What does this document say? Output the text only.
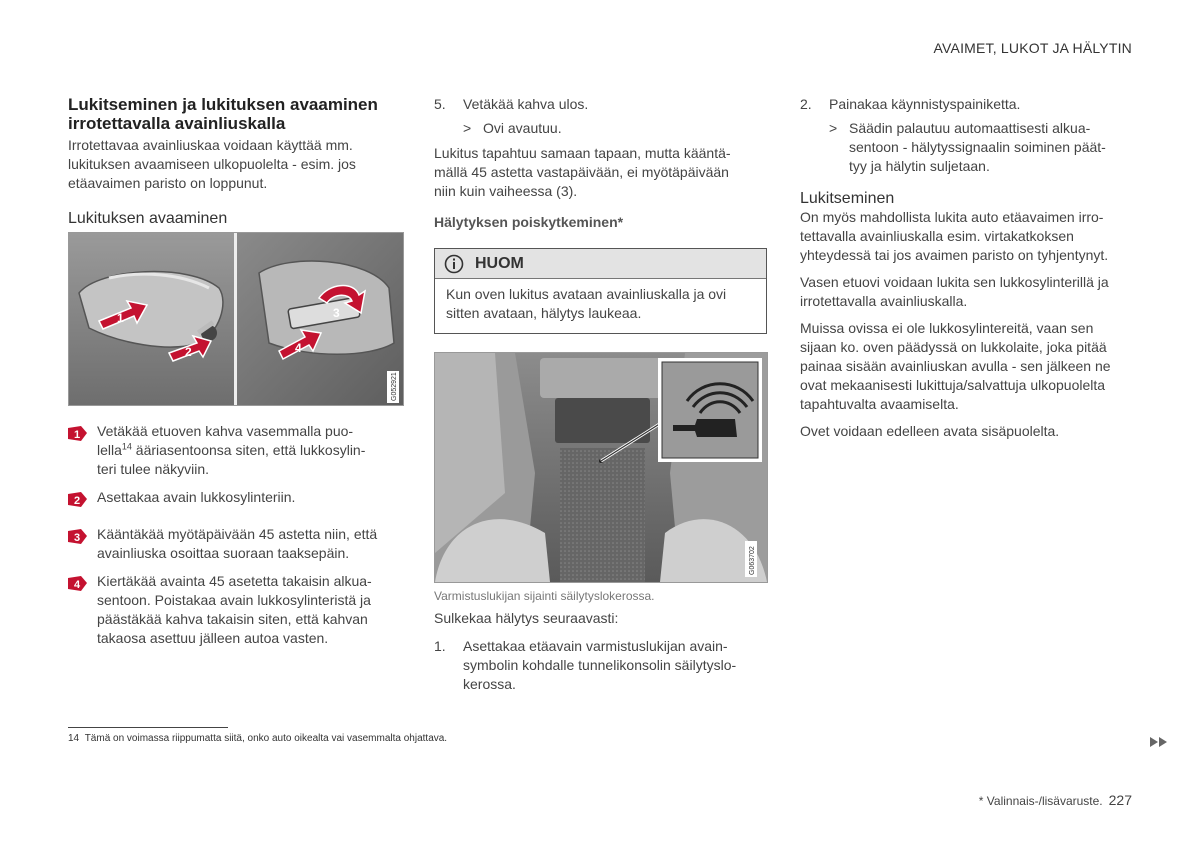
AVAIMET, LUKOT JA HÄLYTIN
Lukitseminen ja lukituksen avaaminen irrotettavalla avainliuskalla

Irrotettavaa avainliuskaa voidaan käyttää mm. lukituksen avaamiseen ulkopuolelta - esim. jos etäavaimen paristo on loppunut.

Lukituksen avaaminen
1
2
3
4
G052921
1 Vetäkää etuoven kahva vasemmalla puo-
lella$^{14}$ ääriasentoonsa siten, että lukkosylin-
teri tulee näkyviin.
2 Asettakaa avain lukkosylinteriin.
3 Kääntäkää myötäpäivään 45 astetta niin, että
avainliuska osoittaa suoraan taaksepäin.
4 Kiertäkää avainta 45 asetetta takaisin alkua-
sentoon. Poistakaa avain lukkosylinteristä ja
päästäkää kahva takaisin siten, että kahvan
takaosa asettuu jälleen autoa vasten.
5. Vetäkää kahva ulos.
> Ovi avautuu.

Lukitus tapahtuu samaan tapaan, mutta kääntä-
mällä 45 astetta vastapäivään, ei myötäpäivään
niin kuin vaiheessa (3).

Hälytyksen poiskytkeminen*
HUOM
Kun oven lukitus avataan avainliuskalla ja ovi
sitten avataan, hälytys laukeaa.
G063702
Varmistuslukijan sijainti säilytyslokerossa.

Sulkekaa hälytys seuraavasti:

1. Asettakaa etäavain varmistuslukijan avain-
symbolin kohdalle tunnelikonsolin säilytyslo-
kerossa.
2. Painakaa käynnistyspainiketta.
> Säädin palautuu automaattisesti alkua-
sentoon - hälytyssignaalin soiminen päät-
tyy ja hälytin suljetaan.
Lukitseminen

On myös mahdollista lukita auto etäavaimen irro-
tettavalla avainliuskalla esim. virtakatkoksen
yhteydessä tai jos avaimen paristo on tyhjentynyt.

Vasen etuovi voidaan lukita sen lukkosylinterillä ja
irrotettavalla avainliuskalla.

Muissa ovissa ei ole lukkosylintereitä, vaan sen
sijaan ko. oven päädyssä on lukkolaite, joka pitää
painaa sisään avainliuskan avulla - sen jälkeen ne
ovat mekaanisesti lukittuja/salvattuja ulkopuolelta
tapahtuvalta avaamiselta.

Ovet voidaan edelleen avata sisäpuolelta.

14 Tämä on voimassa riippumatta siitä, onko auto oikealta vai vasemmalta ohjattava.
* Valinnais-/lisävaruste. 227
